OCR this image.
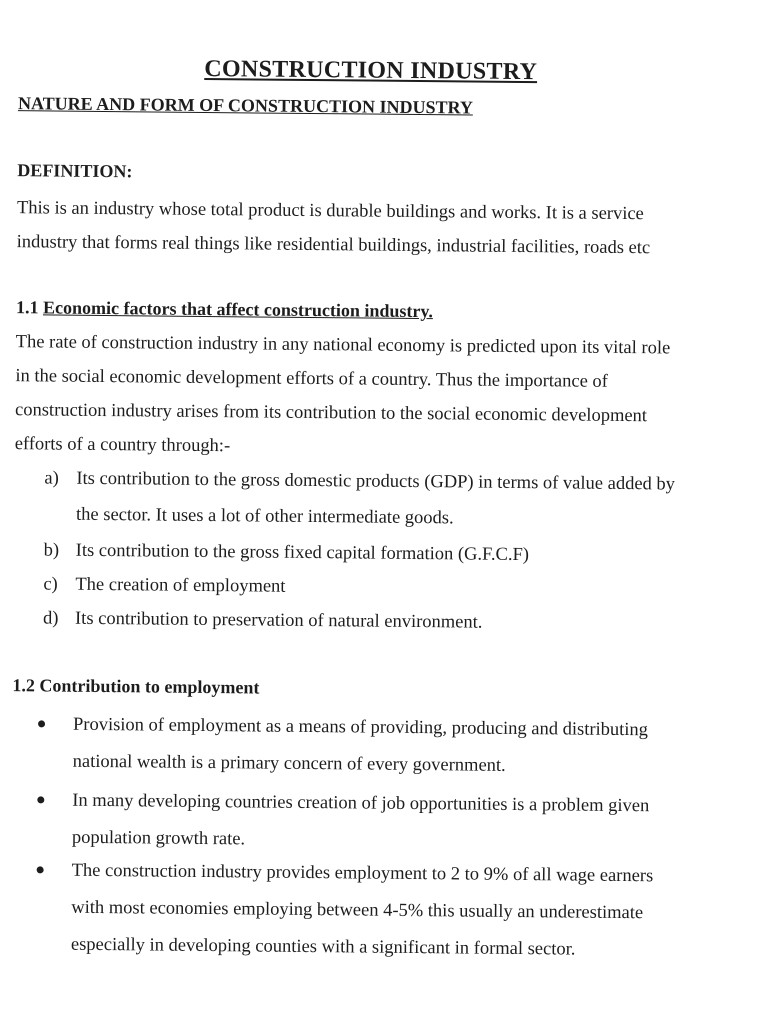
CONSTRUCTION INDUSTRY
NATURE AND FORM OF CONSTRUCTION INDUSTRY
DEFINITION:
This is an industry whose total product is durable buildings and works. It is a service
industry that forms real things like residential buildings, industrial facilities, roads etc
1.1 Economic factors that affect construction industry.
The rate of construction industry in any national economy is predicted upon its vital role
in the social economic development efforts of a country. Thus the importance of
construction industry arises from its contribution to the social economic development
efforts of a country through:-
a) Its contribution to the gross domestic products (GDP) in terms of value added by
the sector. It uses a lot of other intermediate goods.
b) Its contribution to the gross fixed capital formation (G.F.C.F)
c) The creation of employment
d) Its contribution to preservation of natural environment.
1.2 Contribution to employment
Provision of employment as a means of providing, producing and distributing
national wealth is a primary concern of every government.
In many developing countries creation of job opportunities is a problem given
population growth rate.
The construction industry provides employment to 2 to 9% of all wage earners
with most economies employing between 4-5% this usually an underestimate
especially in developing counties with a significant in formal sector.
